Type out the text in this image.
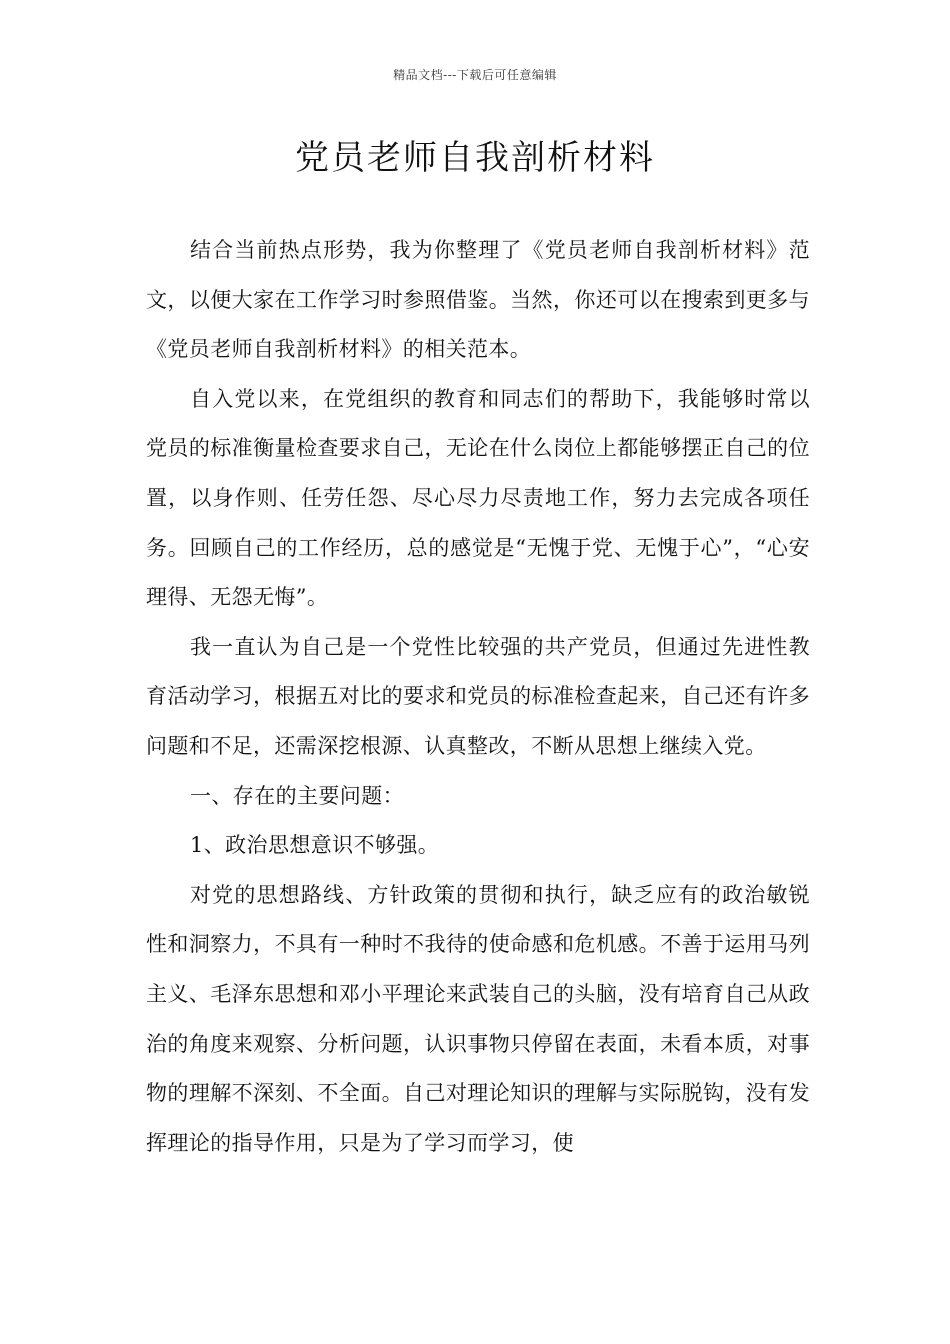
精品文档---下载后可任意编辑
党员老师自我剖析材料

结合当前热点形势，我为你整理了《党员老师自我剖析材料》范文，以便大家在工作学习时参照借鉴。当然，你还可以在搜索到更多与《党员老师自我剖析材料》的相关范本。

自入党以来，在党组织的教育和同志们的帮助下，我能够时常以党员的标准衡量检查要求自己，无论在什么岗位上都能够摆正自己的位置，以身作则、任劳任怨、尽心尽力尽责地工作，努力去完成各项任务。回顾自己的工作经历，总的感觉是“无愧于党、无愧于心”，“心安理得、无怨无悔”。

我一直认为自己是一个党性比较强的共产党员，但通过先进性教育活动学习，根据五对比的要求和党员的标准检查起来，自己还有许多问题和不足，还需深挖根源、认真整改，不断从思想上继续入党。

一、存在的主要问题：

1、政治思想意识不够强。

对党的思想路线、方针政策的贯彻和执行，缺乏应有的政治敏锐性和洞察力，不具有一种时不我待的使命感和危机感。不善于运用马列主义、毛泽东思想和邓小平理论来武装自己的头脑，没有培育自己从政治的角度来观察、分析问题，认识事物只停留在表面，未看本质，对事物的理解不深刻、不全面。自己对理论知识的理解与实际脱钩，没有发挥理论的指导作用，只是为了学习而学习，使
